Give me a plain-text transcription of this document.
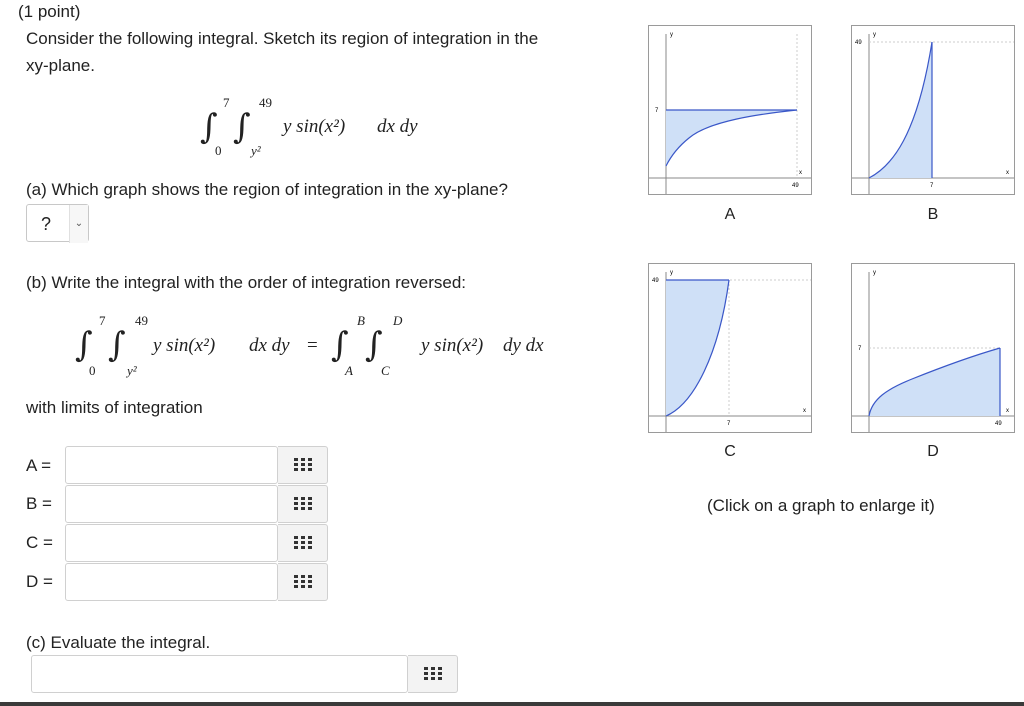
(1 point)
Consider the following integral. Sketch its region of integration in the
xy-plane.
∫
7
0
∫
49
y²
y sin(x²) dx dy
(a) Which graph shows the region of integration in the xy-plane?
?	⌄
(b) Write the integral with the order of integration reversed:
∫
7
0
∫
49
y²
y sin(x²) dx dy = ∫
B
A
∫
D
C
y sin(x²) dy dx
with limits of integration
A =
B =
C =
D =
(c) Evaluate the integral.
y
7
x
49
A
y
49
x
7
B
y
49
x
7
C
y
7
x
49
D
(Click on a graph to enlarge it)
